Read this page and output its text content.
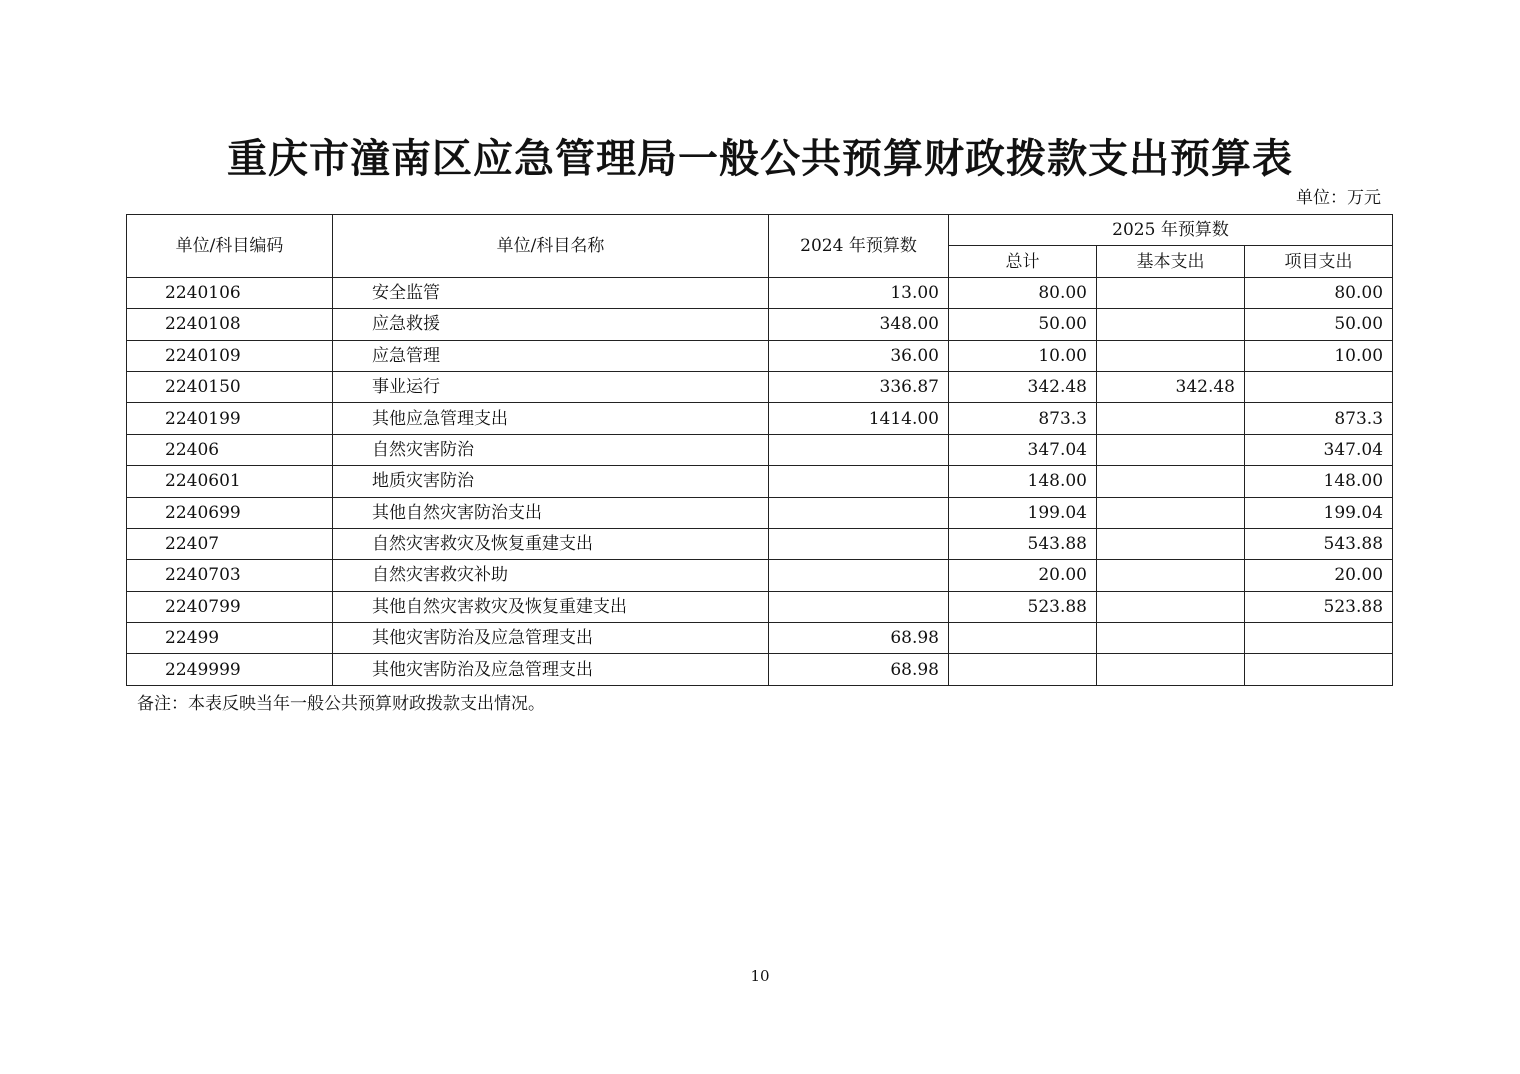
重庆市潼南区应急管理局一般公共预算财政拨款支出预算表
单位：万元
单位/科目编码	单位/科目名称	2024 年预算数	2025 年预算数		
			总计	基本支出	项目支出
2240106	安全监管	13.00	80.00		80.00
2240108	应急救援	348.00	50.00		50.00
2240109	应急管理	36.00	10.00		10.00
2240150	事业运行	336.87	342.48	342.48	
2240199	其他应急管理支出	1414.00	873.3		873.3
22406	自然灾害防治		347.04		347.04
2240601	地质灾害防治		148.00		148.00
2240699	其他自然灾害防治支出		199.04		199.04
22407	自然灾害救灾及恢复重建支出		543.88		543.88
2240703	自然灾害救灾补助		20.00		20.00
2240799	其他自然灾害救灾及恢复重建支出		523.88		523.88
22499	其他灾害防治及应急管理支出	68.98			
2249999	其他灾害防治及应急管理支出	68.98			
备注：本表反映当年一般公共预算财政拨款支出情况。
10
